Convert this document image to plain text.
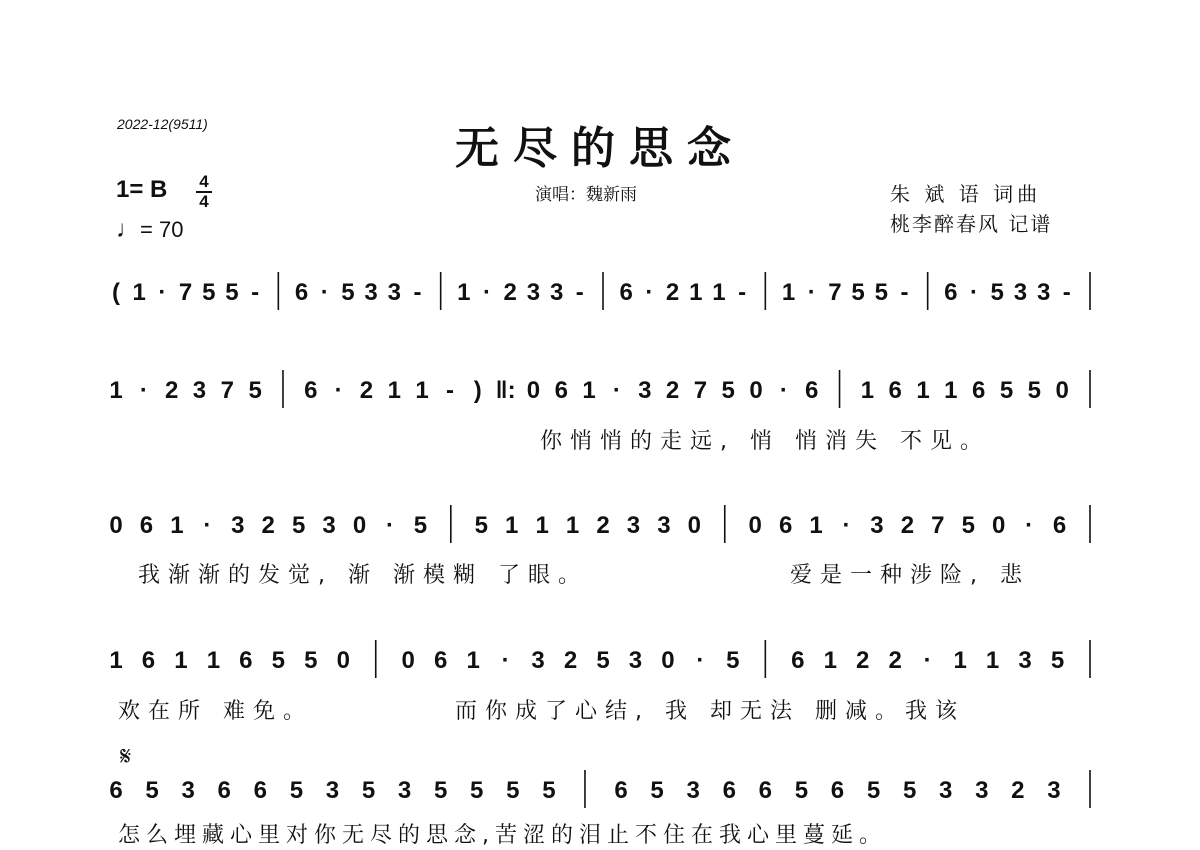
2022-12(9511)	无尽的思念
演唱：魏新雨	朱 斌 语 词曲
桃李醉春风 记谱
1= B 4
4
♩= 70
( 1 · 7 5 5 - 6 · 5 3 3 - 1 · 2 3 3 - 6 · 2 1 1 - 1 · 7 5 5 - 6 · 5 3 3 -
1 · 2 3 7 5 6 · 2 1 1 - ) ‖: 0 6 1 · 3 2 7 5 0 · 6 1 6 1 1 6 5 5 0
0 6 1 · 3 2 5 3 0 · 5 5 1 1 1 2 3 3 0 0 6 1 · 3 2 7 5 0 · 6
1 6 1 1 6 5 5 0 0 6 1 · 3 2 5 3 0 · 5 6 1 2 2 · 1 1 3 5
6 5 3 6 6 5 3 5 3 5 5 5 5 6 5 3 6 6 5 6 5 5 3 3 2 3
𝄋
你悄悄的走远, 悄 悄消失 不见。
我渐渐的发觉, 渐 渐模糊 了眼。	爱是一种涉险, 悲
欢在所 难免。	而你成了心结, 我 却无法 删减。我该
怎么埋藏心里对你无尽的思念,苦涩的泪止不住在我心里蔓延。
